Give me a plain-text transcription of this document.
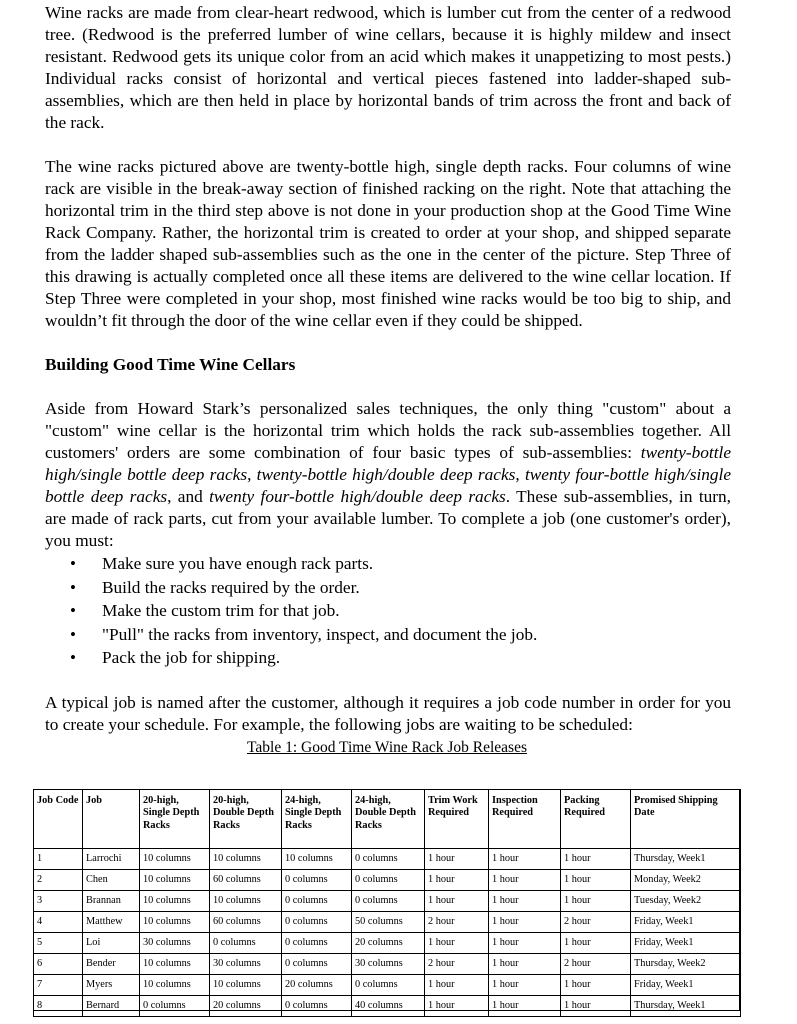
Wine racks are made from clear-heart redwood, which is lumber cut from the center of a redwood tree. (Redwood is the preferred lumber of wine cellars, because it is highly mildew and insect resistant. Redwood gets its unique color from an acid which makes it unappetizing to most pests.) Individual racks consist of horizontal and vertical pieces fastened into ladder-shaped sub-assemblies, which are then held in place by horizontal bands of trim across the front and back of the rack.

The wine racks pictured above are twenty-bottle high, single depth racks. Four columns of wine rack are visible in the break-away section of finished racking on the right. Note that attaching the horizontal trim in the third step above is not done in your production shop at the Good Time Wine Rack Company. Rather, the horizontal trim is created to order at your shop, and shipped separate from the ladder shaped sub-assemblies such as the one in the center of the picture. Step Three of this drawing is actually completed once all these items are delivered to the wine cellar location. If Step Three were completed in your shop, most finished wine racks would be too big to ship, and wouldn’t fit through the door of the wine cellar even if they could be shipped.

Building Good Time Wine Cellars

Aside from Howard Stark’s personalized sales techniques, the only thing "custom" about a "custom" wine cellar is the horizontal trim which holds the rack sub-assemblies together. All customers' orders are some combination of four basic types of sub-assemblies: twenty-bottle high/single bottle deep racks, twenty-bottle high/double deep racks, twenty four-bottle high/single bottle deep racks, and twenty four-bottle high/double deep racks. These sub-assemblies, in turn, are made of rack parts, cut from your available lumber. To complete a job (one customer's order), you must:

• Make sure you have enough rack parts.
• Build the racks required by the order.
• Make the custom trim for that job.
• "Pull" the racks from inventory, inspect, and document the job.
• Pack the job for shipping.

A typical job is named after the customer, although it requires a job code number in order for you to create your schedule. For example, the following jobs are waiting to be scheduled:

Table 1: Good Time Wine Rack Job Releases
Job Code	Job	20-high, Single Depth Racks	20-high, Double Depth Racks	24-high, Single Depth Racks	24-high, Double Depth Racks	Trim Work Required	Inspection Required	Packing Required	Promised Shipping Date
1	Larrochi	10 columns	10 columns	10 columns	0 columns	1 hour	1 hour	1 hour	Thursday, Week1
2	Chen	10 columns	60 columns	0 columns	0 columns	1 hour	1 hour	1 hour	Monday, Week2
3	Brannan	10 columns	10 columns	0 columns	0 columns	1 hour	1 hour	1 hour	Tuesday, Week2
4	Matthew	10 columns	60 columns	0 columns	50 columns	2 hour	1 hour	2 hour	Friday, Week1
5	Loi	30 columns	0 columns	0 columns	20 columns	1 hour	1 hour	1 hour	Friday, Week1
6	Bender	10 columns	30 columns	0 columns	30 columns	2 hour	1 hour	2 hour	Thursday, Week2
7	Myers	10 columns	10 columns	20 columns	0 columns	1 hour	1 hour	1 hour	Friday, Week1
8	Bernard	0 columns	20 columns	0 columns	40 columns	1 hour	1 hour	1 hour	Thursday, Week1
